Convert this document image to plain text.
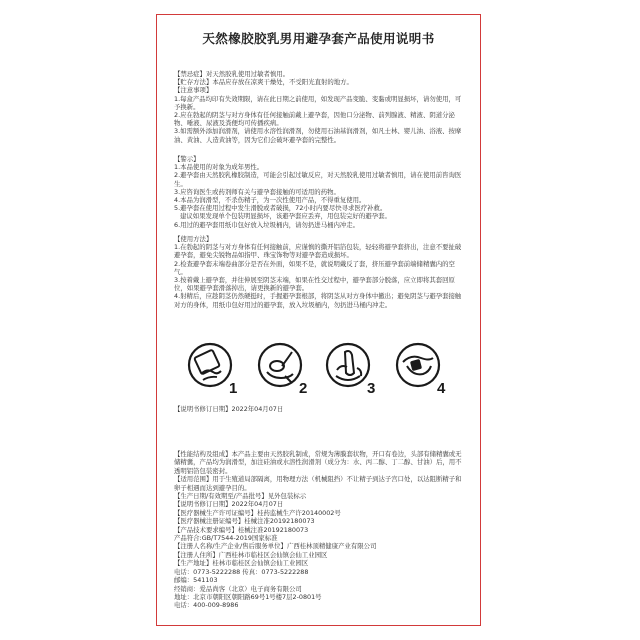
天然橡胶胶乳男用避孕套产品使用说明书

【禁忌症】对天然胶乳使用过敏者慎用。

【贮存方法】本品应存放在凉爽干燥处，不受阳光直射的地方。

【注意事项】

1.每盒产品均印有失效期限，请在此日期之前使用，如发现产品变脆、变黏或明显损坏，请勿使用，可予换新。

2.应在勃起的阴茎与对方身体有任何接触前戴上避孕套，因他口分泌物、前列腺液、精液、阴道分泌物、唾液、尿液及粪便均可传播疾病。

3.如需额外添加润滑剂，请使用水溶性润滑剂，勿使用石油基润滑剂，如凡士林、婴儿油、浴液、按摩油、黄油、人造黄油等，因为它们会破坏避孕套的完整性。

【警示】

1.本品使用的对象为成年男性。

2.避孕套由天然胶乳橡胶制造，可能会引起过敏反应，对天然胶乳使用过敏者慎用，请在使用前咨询医生。

3.应咨询医生或药剂师有关与避孕套接触的可适用的药物。

4.本品为润滑型，不杀伤精子，为一次性使用产品，不得重复使用。

5.避孕套在使用过程中发生滑脱或者破损，72小时内要尽快寻求医疗补救。

建议如果发现单个包装明显损坏，该避孕套应丢弃，用包装完好的避孕套。

6.用过的避孕套用纸巾包好放入垃圾桶内，请勿扔进马桶内冲走。

【使用方法】

1.在勃起的阴茎与对方身体有任何接触前，应谨慎的撕开铝箔包装，轻轻将避孕套挤出，注意不要扯破避孕套，避免尖锐物品如指甲、珠宝饰物等对避孕套造成损坏。

2.检查避孕套末端卷曲部分是否在外面，如果不是，就说明戴反了套，挤压避孕套前端储精囊内的空气。

3.按着戴上避孕套，并往伸展至阴茎末端，如果在性交过程中，避孕套部分脱落，应立即将其套回原位，如果避孕套滑落掉出，请更换新的避孕套。

4.射精后，应趁阴茎仍然硬挺时，手握避孕套根部，将阴茎从对方身体中撤出；避免阴茎与避孕套接触对方的身体，用纸巾包好用过的避孕套，放入垃圾桶内，勿扔进马桶内冲走。

1	2	3	4

【说明书修订日期】2022年04月07日

【性能结构及组成】本产品主要由天然胶乳制成，常规为薄膜套状物，开口有卷边，头部有储精囊或无储精囊，产品均为润滑型，加注硅油或水溶性润滑剂（成分为：水、丙二醇、丁二醇、甘油）后，用不透明铝箔包装密封。

【适用范围】用于生殖道局部隔离，用物理方法（机械阻挡）不让精子到达子宫口处，以达阻断精子和卵子相遇而达到避孕目的。

【生产日期/有效期至/产品批号】见外包装标示

【说明书修订日期】2022年04月07日

【医疗器械生产许可证编号】桂药监械生产许20140002号

【医疗器械注册证编号】桂械注准20192180073

【产品技术要求编号】桂械注准20192180073

产品符合:GB/T7544-2019国家标准

【注册人名称/生产企业/售后服务单位】广西桂林顶精健康产业有限公司

【注册人住所】广西桂林市临桂区会仙镇会仙工业园区

【生产地址】桂林市临桂区会仙镇会仙工业园区

电话：0773-5222288 传真：0773-5222288

邮编：541103

经销商：爱品尚客（北京）电子商务有限公司

地址：北京市朝阳区朝阳路69号1号楼7层2-0801号

电话：400-009-8986
